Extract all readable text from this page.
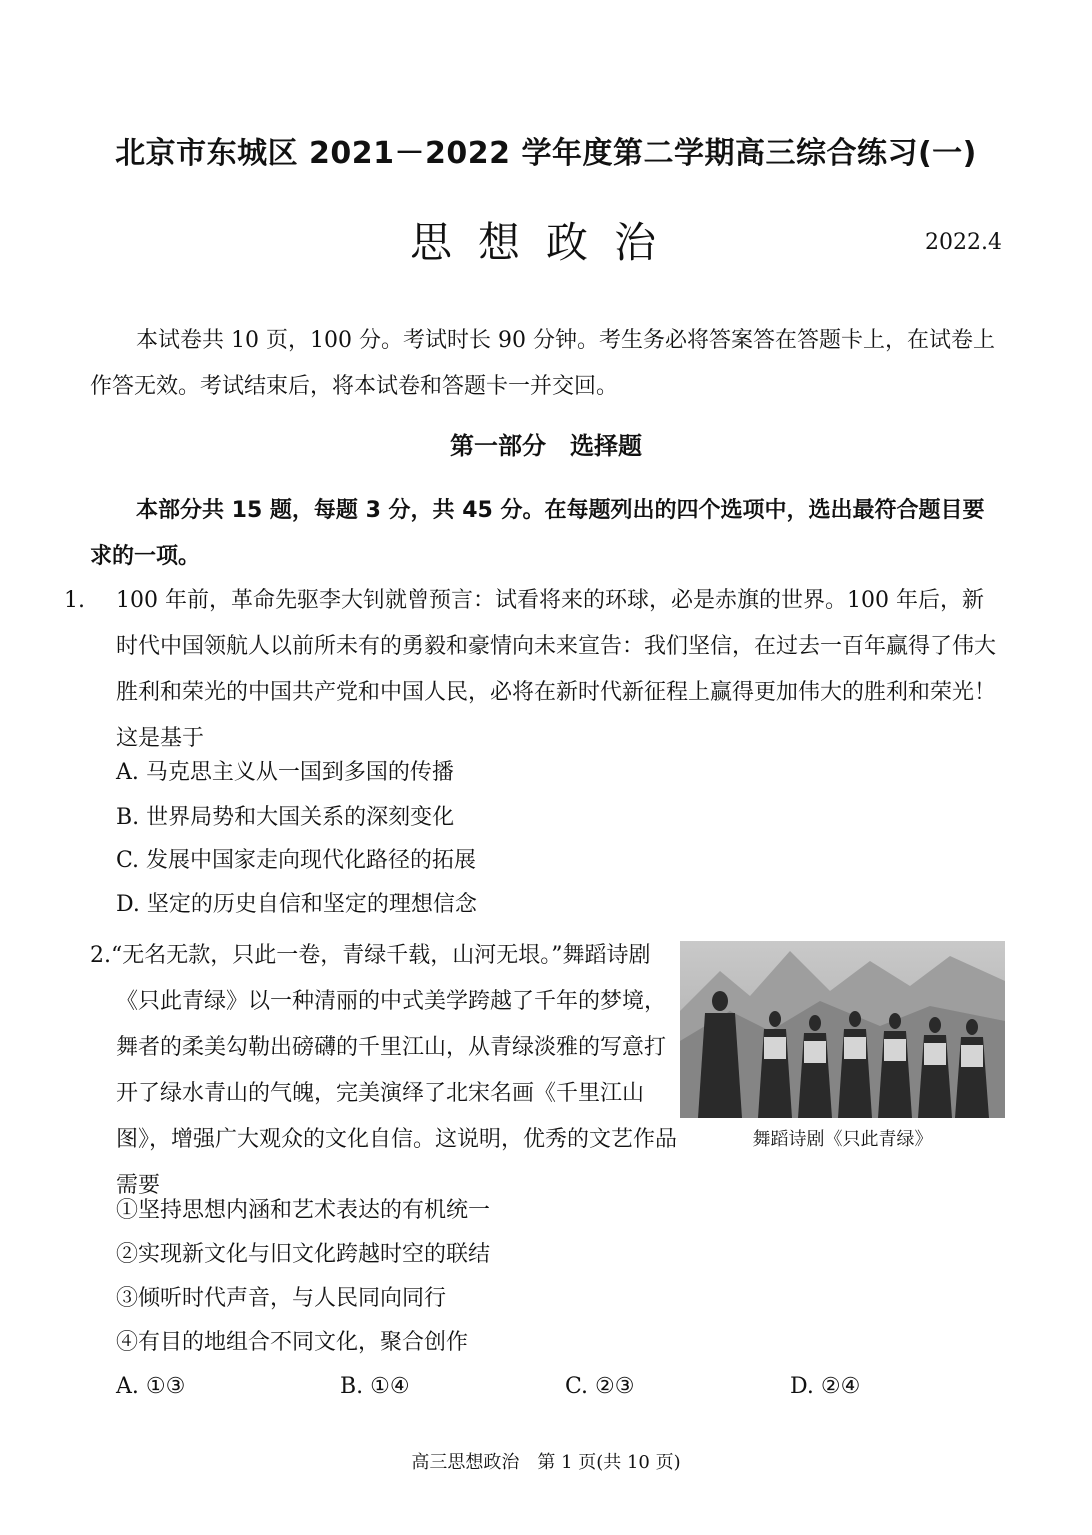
北京市东城区 2021－2022 学年度第二学期高三综合练习(一)
思想政治	2022.4
本试卷共 10 页，100 分。考试时长 90 分钟。考生务必将答案答在答题卡上，在试卷上作答无效。考试结束后，将本试卷和答题卡一并交回。
第一部分　选择题
本部分共 15 题，每题 3 分，共 45 分。在每题列出的四个选项中，选出最符合题目要求的一项。
1. 100 年前，革命先驱李大钊就曾预言：试看将来的环球，必是赤旗的世界。100 年后，新时代中国领航人以前所未有的勇毅和豪情向未来宣告：我们坚信，在过去一百年赢得了伟大胜利和荣光的中国共产党和中国人民，必将在新时代新征程上赢得更加伟大的胜利和荣光！这是基于
A. 马克思主义从一国到多国的传播
B. 世界局势和大国关系的深刻变化
C. 发展中国家走向现代化路径的拓展
D. 坚定的历史自信和坚定的理想信念
2.“无名无款，只此一卷，青绿千载，山河无垠。”舞蹈诗剧《只此青绿》以一种清丽的中式美学跨越了千年的梦境，舞者的柔美勾勒出磅礴的千里江山，从青绿淡雅的写意打开了绿水青山的气魄，完美演绎了北宋名画《千里江山图》，增强广大观众的文化自信。这说明，优秀的文艺作品需要
舞蹈诗剧《只此青绿》
①坚持思想内涵和艺术表达的有机统一
②实现新文化与旧文化跨越时空的联结
③倾听时代声音，与人民同向同行
④有目的地组合不同文化，聚合创作
A. ①③	B. ①④	C. ②③	D. ②④
高三思想政治　第 1 页(共 10 页)
